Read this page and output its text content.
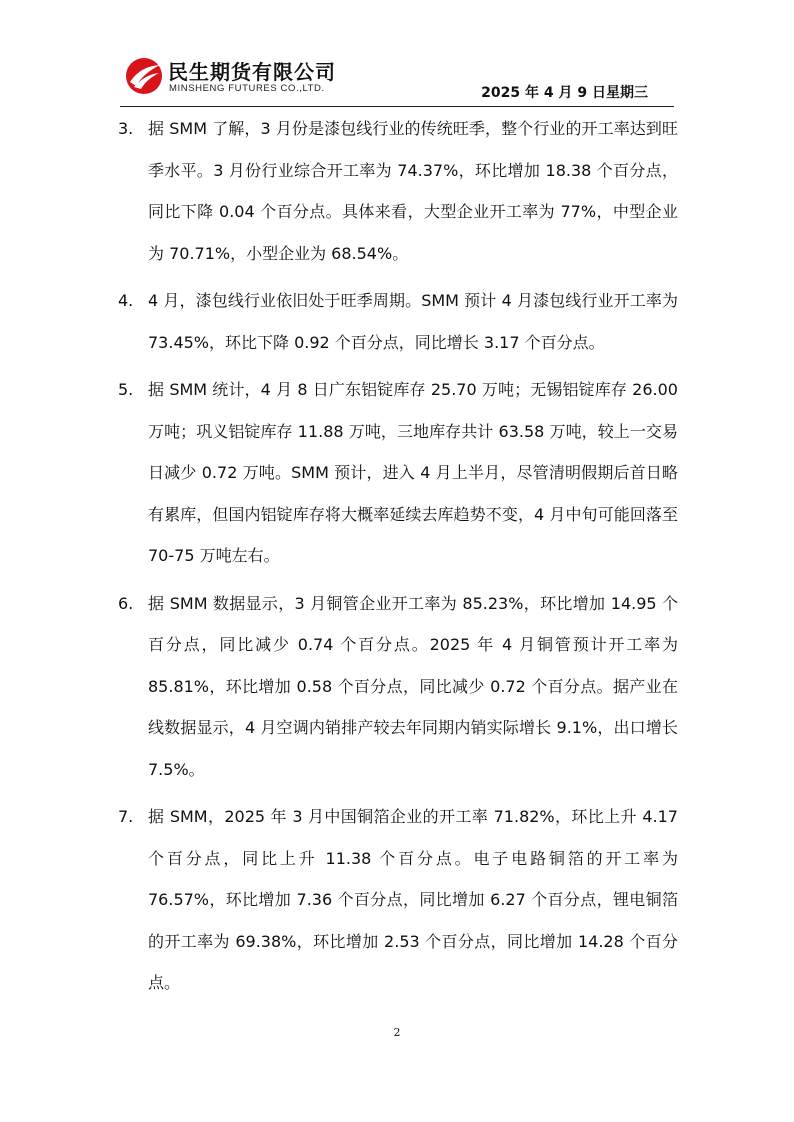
民生期货有限公司
MINSHENG FUTURES CO.,LTD.	2025 年 4 月 9 日星期三
3. 据 SMM 了解，3 月份是漆包线行业的传统旺季，整个行业的开工率达到旺季水平。3 月份行业综合开工率为 74.37%，环比增加 18.38 个百分点，同比下降 0.04 个百分点。具体来看，大型企业开工率为 77%，中型企业为 70.71%，小型企业为 68.54%。

4. 4 月，漆包线行业依旧处于旺季周期。SMM 预计 4 月漆包线行业开工率为 73.45%，环比下降 0.92 个百分点，同比增长 3.17 个百分点。

5. 据 SMM 统计，4 月 8 日广东铝锭库存 25.70 万吨；无锡铝锭库存 26.00 万吨；巩义铝锭库存 11.88 万吨，三地库存共计 63.58 万吨，较上一交易日减少 0.72 万吨。SMM 预计，进入 4 月上半月，尽管清明假期后首日略有累库，但国内铝锭库存将大概率延续去库趋势不变，4 月中旬可能回落至 70-75 万吨左右。

6. 据 SMM 数据显示，3 月铜管企业开工率为 85.23%，环比增加 14.95 个百分点，同比减少 0.74 个百分点。2025 年 4 月铜管预计开工率为 85.81%，环比增加 0.58 个百分点，同比减少 0.72 个百分点。据产业在线数据显示，4 月空调内销排产较去年同期内销实际增长 9.1%，出口增长 7.5%。

7. 据 SMM，2025 年 3 月中国铜箔企业的开工率 71.82%，环比上升 4.17 个百分点，同比上升 11.38 个百分点。电子电路铜箔的开工率为 76.57%，环比增加 7.36 个百分点，同比增加 6.27 个百分点，锂电铜箔的开工率为 69.38%，环比增加 2.53 个百分点，同比增加 14.28 个百分点。

2
